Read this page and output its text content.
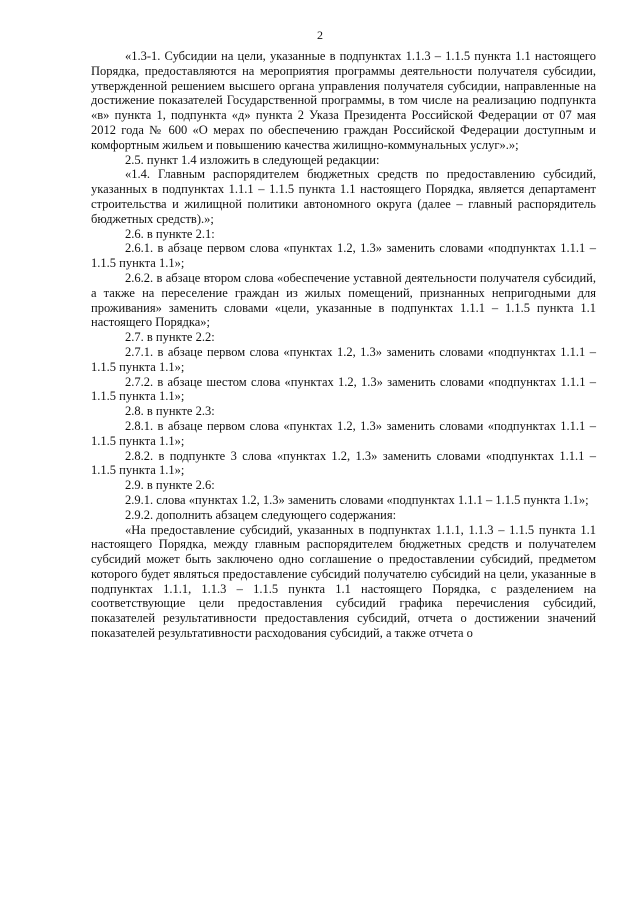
2

«1.3-1. Субсидии на цели, указанные в подпунктах 1.1.3 – 1.1.5 пункта 1.1 настоящего Порядка, предоставляются на мероприятия программы деятельности получателя субсидии, утвержденной решением высшего органа управления получателя субсидии, направленные на достижение показателей Государственной программы, в том числе на реализацию подпункта «в» пункта 1, подпункта «д» пункта 2 Указа Президента Российской Федерации от 07 мая 2012 года № 600 «О мерах по обеспечению граждан Российской Федерации доступным и комфортным жильем и повышению качества жилищно-коммунальных услуг».»;

2.5. пункт 1.4 изложить в следующей редакции:

«1.4. Главным распорядителем бюджетных средств по предоставлению субсидий, указанных в подпунктах 1.1.1 – 1.1.5 пункта 1.1 настоящего Порядка, является департамент строительства и жилищной политики автономного округа (далее – главный распорядитель бюджетных средств).»;

2.6. в пункте 2.1:

2.6.1. в абзаце первом слова «пунктах 1.2, 1.3» заменить словами «подпунктах 1.1.1 – 1.1.5 пункта 1.1»;

2.6.2. в абзаце втором слова «обеспечение уставной деятельности получателя субсидий, а также на переселение граждан из жилых помещений, признанных непригодными для проживания» заменить словами «цели, указанные в подпунктах 1.1.1 – 1.1.5 пункта 1.1 настоящего Порядка»;

2.7. в пункте 2.2:

2.7.1. в абзаце первом слова «пунктах 1.2, 1.3» заменить словами «подпунктах 1.1.1 – 1.1.5 пункта 1.1»;

2.7.2. в абзаце шестом слова «пунктах 1.2, 1.3» заменить словами «подпунктах 1.1.1 – 1.1.5 пункта 1.1»;

2.8. в пункте 2.3:

2.8.1. в абзаце первом слова «пунктах 1.2, 1.3» заменить словами «подпунктах 1.1.1 – 1.1.5 пункта 1.1»;

2.8.2. в подпункте 3 слова «пунктах 1.2, 1.3» заменить словами «подпунктах 1.1.1 – 1.1.5 пункта 1.1»;

2.9. в пункте 2.6:

2.9.1. слова «пунктах 1.2, 1.3» заменить словами «подпунктах 1.1.1 – 1.1.5 пункта 1.1»;

2.9.2. дополнить абзацем следующего содержания:

«На предоставление субсидий, указанных в подпунктах 1.1.1, 1.1.3 – 1.1.5 пункта 1.1 настоящего Порядка, между главным распорядителем бюджетных средств и получателем субсидий может быть заключено одно соглашение о предоставлении субсидий, предметом которого будет являться предоставление субсидий получателю субсидий на цели, указанные в подпунктах 1.1.1, 1.1.3 – 1.1.5 пункта 1.1 настоящего Порядка, с разделением на соответствующие цели предоставления субсидий графика перечисления субсидий, показателей результативности предоставления субсидий, отчета о достижении значений показателей результативности расходования субсидий, а также отчета о
